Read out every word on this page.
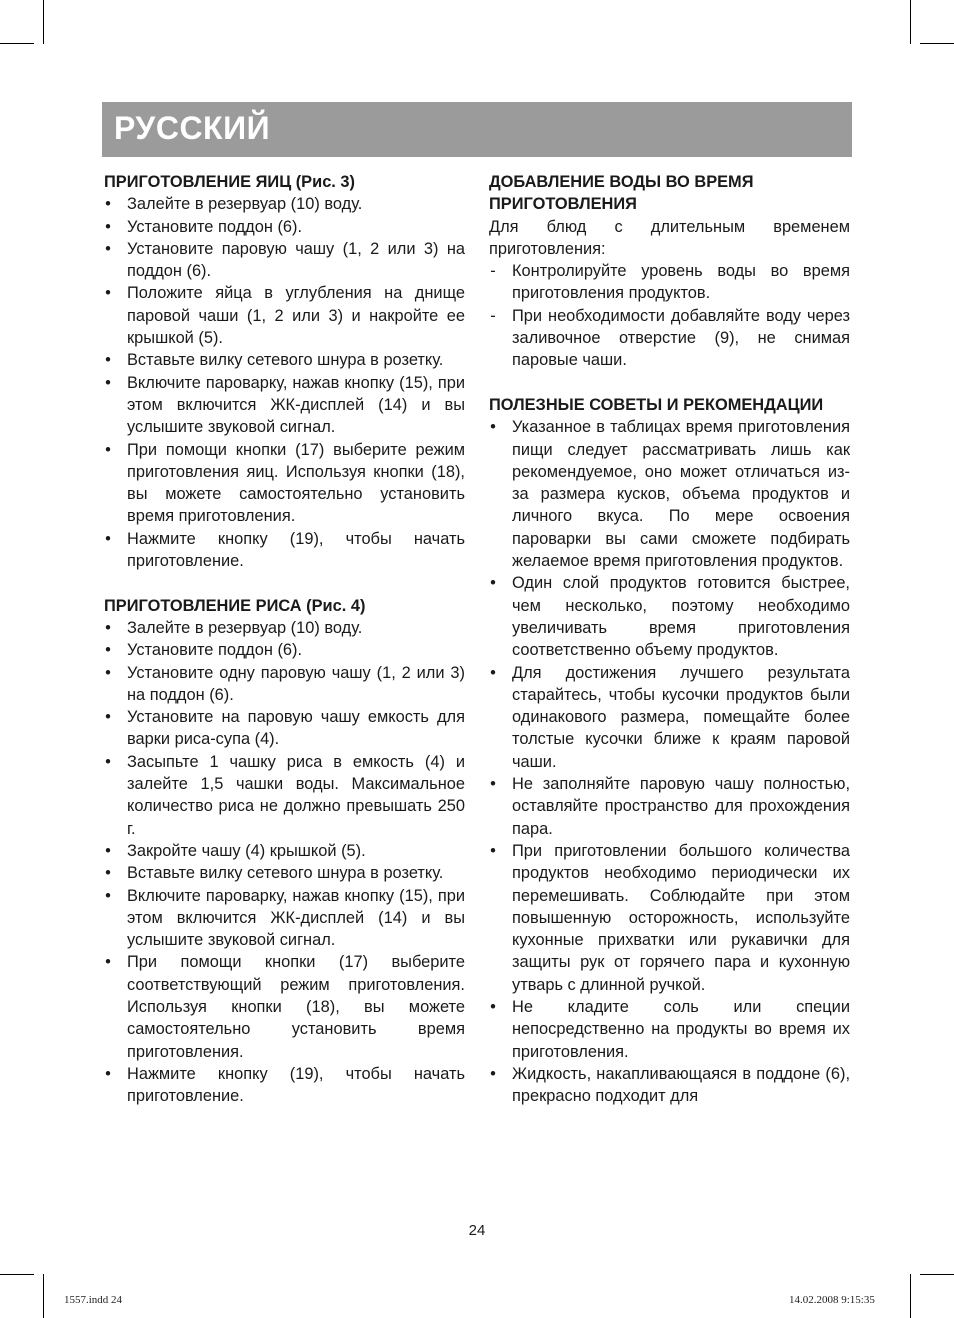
РУССКИЙ

ПРИГОТОВЛЕНИЕ ЯИЦ (Рис. 3)

• Залейте в резервуар (10) воду.
• Установите поддон (6).
• Установите паровую чашу (1, 2 или 3) на поддон (6).
• Положите яйца в углубления на днище паровой чаши (1, 2 или 3) и накройте ее крышкой (5).
• Вставьте вилку сетевого шнура в розетку.
• Включите пароварку, нажав кнопку (15), при этом включится ЖК-дисплей (14) и вы услышите звуковой сигнал.
• При помощи кнопки (17) выберите режим приготовления яиц. Используя кнопки (18), вы можете самостоятельно установить время приготовления.
• Нажмите кнопку (19), чтобы начать приготовление.

ПРИГОТОВЛЕНИЕ РИСА (Рис. 4)

• Залейте в резервуар (10) воду.
• Установите поддон (6).
• Установите одну паровую чашу (1, 2 или 3) на поддон (6).
• Установите на паровую чашу емкость для варки риса-супа (4).
• Засыпьте 1 чашку риса в емкость (4) и залейте 1,5 чашки воды. Максимальное количество риса не должно превышать 250 г.
• Закройте чашу (4) крышкой (5).
• Вставьте вилку сетевого шнура в розетку.
• Включите пароварку, нажав кнопку (15), при этом включится ЖК-дисплей (14) и вы услышите звуковой сигнал.
• При помощи кнопки (17) выберите соответствующий режим приготовления. Используя кнопки (18), вы можете самостоятельно установить время приготовления.
• Нажмите кнопку (19), чтобы начать приготовление.

ДОБАВЛЕНИЕ ВОДЫ ВО ВРЕМЯ ПРИГОТОВЛЕНИЯ

Для блюд с длительным временем приготовления:

- Контролируйте уровень воды во время приготовления продуктов.
- При необходимости добавляйте воду через заливочное отверстие (9), не снимая паровые чаши.

ПОЛЕЗНЫЕ СОВЕТЫ И РЕКОМЕНДАЦИИ

• Указанное в таблицах время приготовления пищи следует рассматривать лишь как рекомендуемое, оно может отличаться из-за размера кусков, объема продуктов и личного вкуса. По мере освоения пароварки вы сами сможете подбирать желаемое время приготовления продуктов.
• Один слой продуктов готовится быстрее, чем несколько, поэтому необходимо увеличивать время приготовления соответственно объему продуктов.
• Для достижения лучшего результата старайтесь, чтобы кусочки продуктов были одинакового размера, помещайте более толстые кусочки ближе к краям паровой чаши.
• Не заполняйте паровую чашу полностью, оставляйте пространство для прохождения пара.
• При приготовлении большого количества продуктов необходимо периодически их перемешивать. Соблюдайте при этом повышенную осторожность, используйте кухонные прихватки или рукавички для защиты рук от горячего пара и кухонную утварь с длинной ручкой.
• Не кладите соль или специи непосредственно на продукты во время их приготовления.
• Жидкость, накапливающаяся в поддоне (6), прекрасно подходит для
24
1557.indd 24	14.02.2008 9:15:35
